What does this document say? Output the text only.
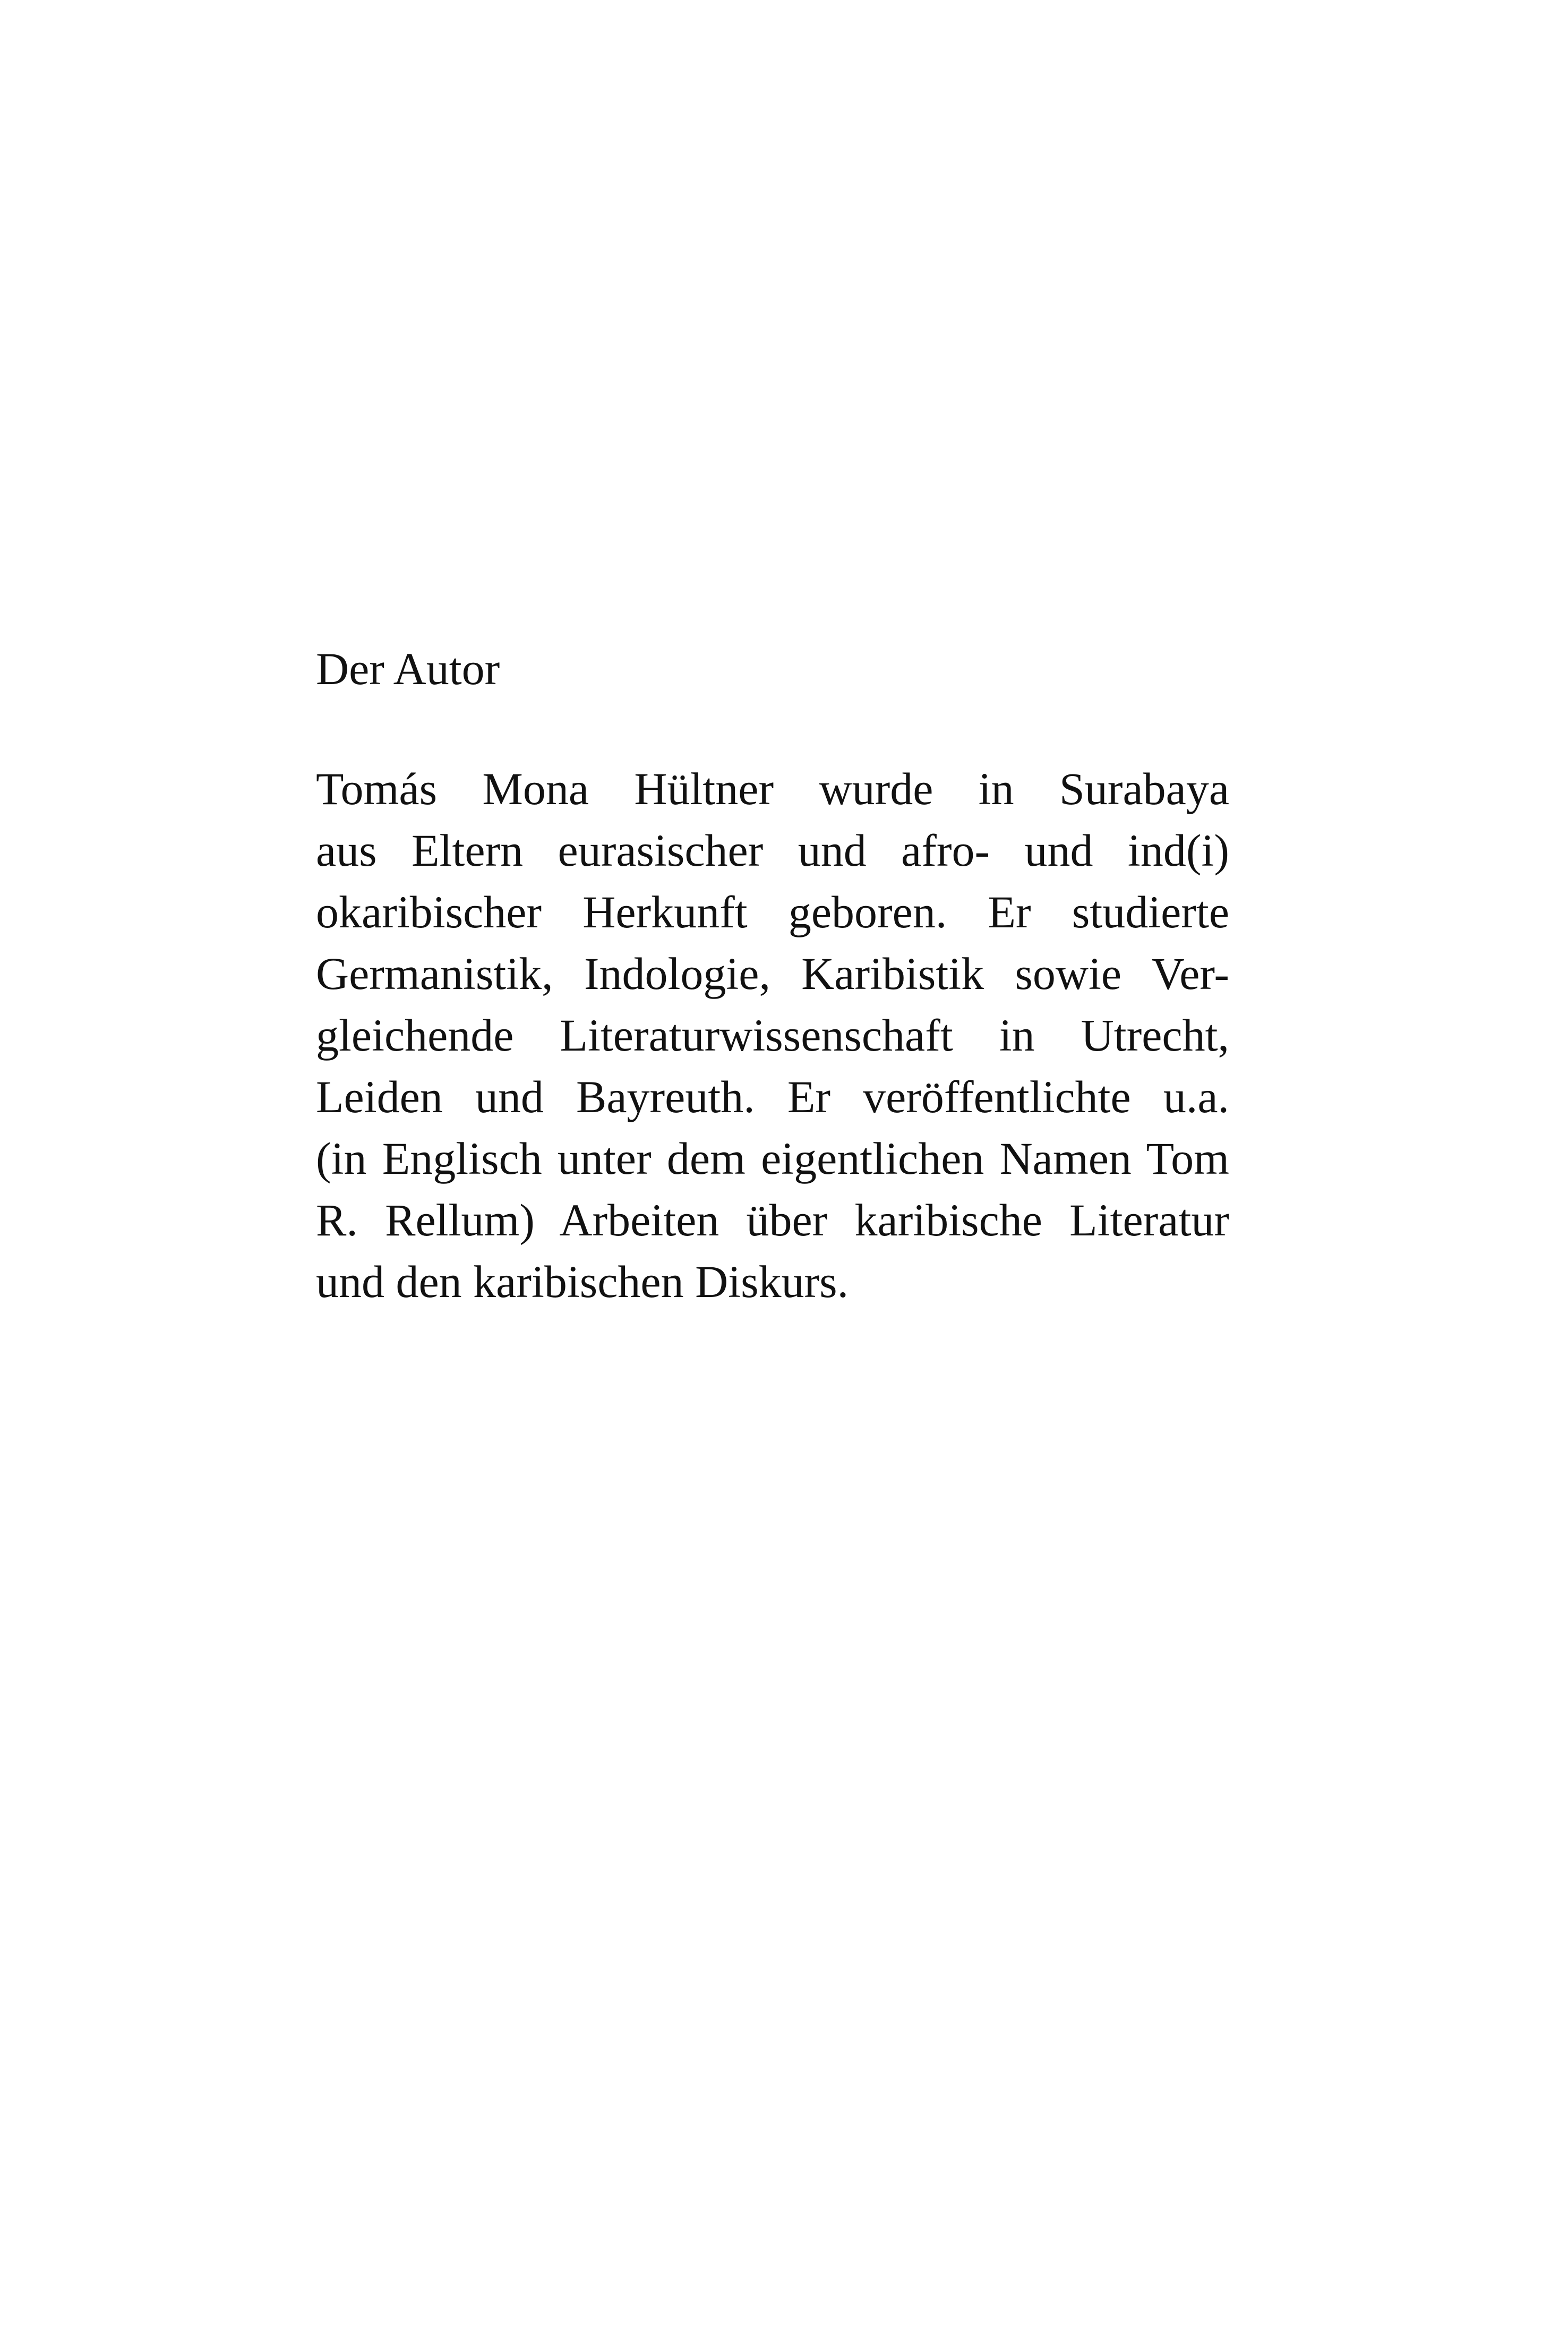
Der Autor
Tomás Mona Hültner wurde in Surabaya
aus Eltern eurasischer und afro- und ind(i)
okaribischer Herkunft geboren. Er studierte
Germanistik, Indologie, Karibistik sowie Ver-
gleichende Literaturwissenschaft in Utrecht,
Leiden und Bayreuth. Er veröffentlichte u.a.
(in Englisch unter dem eigentlichen Namen Tom
R. Rellum) Arbeiten über karibische Literatur
und den karibischen Diskurs.
